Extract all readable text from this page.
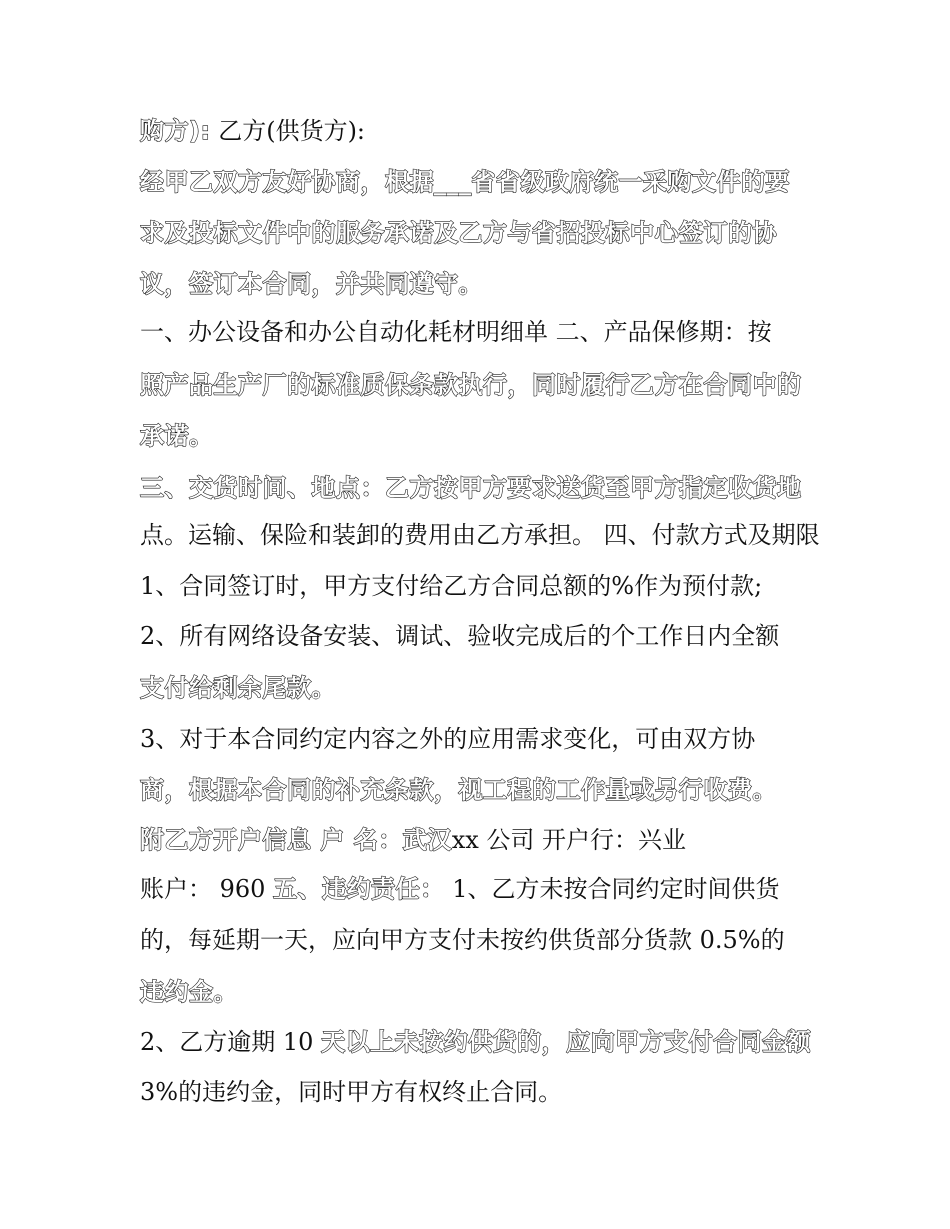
购方): 乙方(供货方):

经甲乙双方友好协商，根据___省省级政府统一采购文件的要

求及投标文件中的服务承诺及乙方与省招投标中心签订的协

议，签订本合同，并共同遵守。

一、办公设备和办公自动化耗材明细单 二、产品保修期：按

照产品生产厂的标准质保条款执行，同时履行乙方在合同中的

承诺。

三、交货时间、地点：乙方按甲方要求送货至甲方指定收货地

点。运输、保险和装卸的费用由乙方承担。 四、付款方式及期限

1、合同签订时，甲方支付给乙方合同总额的%作为预付款;

2、所有网络设备安装、调试、验收完成后的个工作日内全额

支付给剩余尾款。

3、对于本合同约定内容之外的应用需求变化，可由双方协

商，根据本合同的补充条款，视工程的工作量或另行收费。

附乙方开户信息 户 名：武汉xx 公司 开户行：兴业

账户： 960 五、违约责任： 1、乙方未按合同约定时间供货

的，每延期一天，应向甲方支付未按约供货部分货款 0.5%的

违约金。

2、乙方逾期 10 天以上未按约供货的，应向甲方支付合同金额

3%的违约金，同时甲方有权终止合同。
